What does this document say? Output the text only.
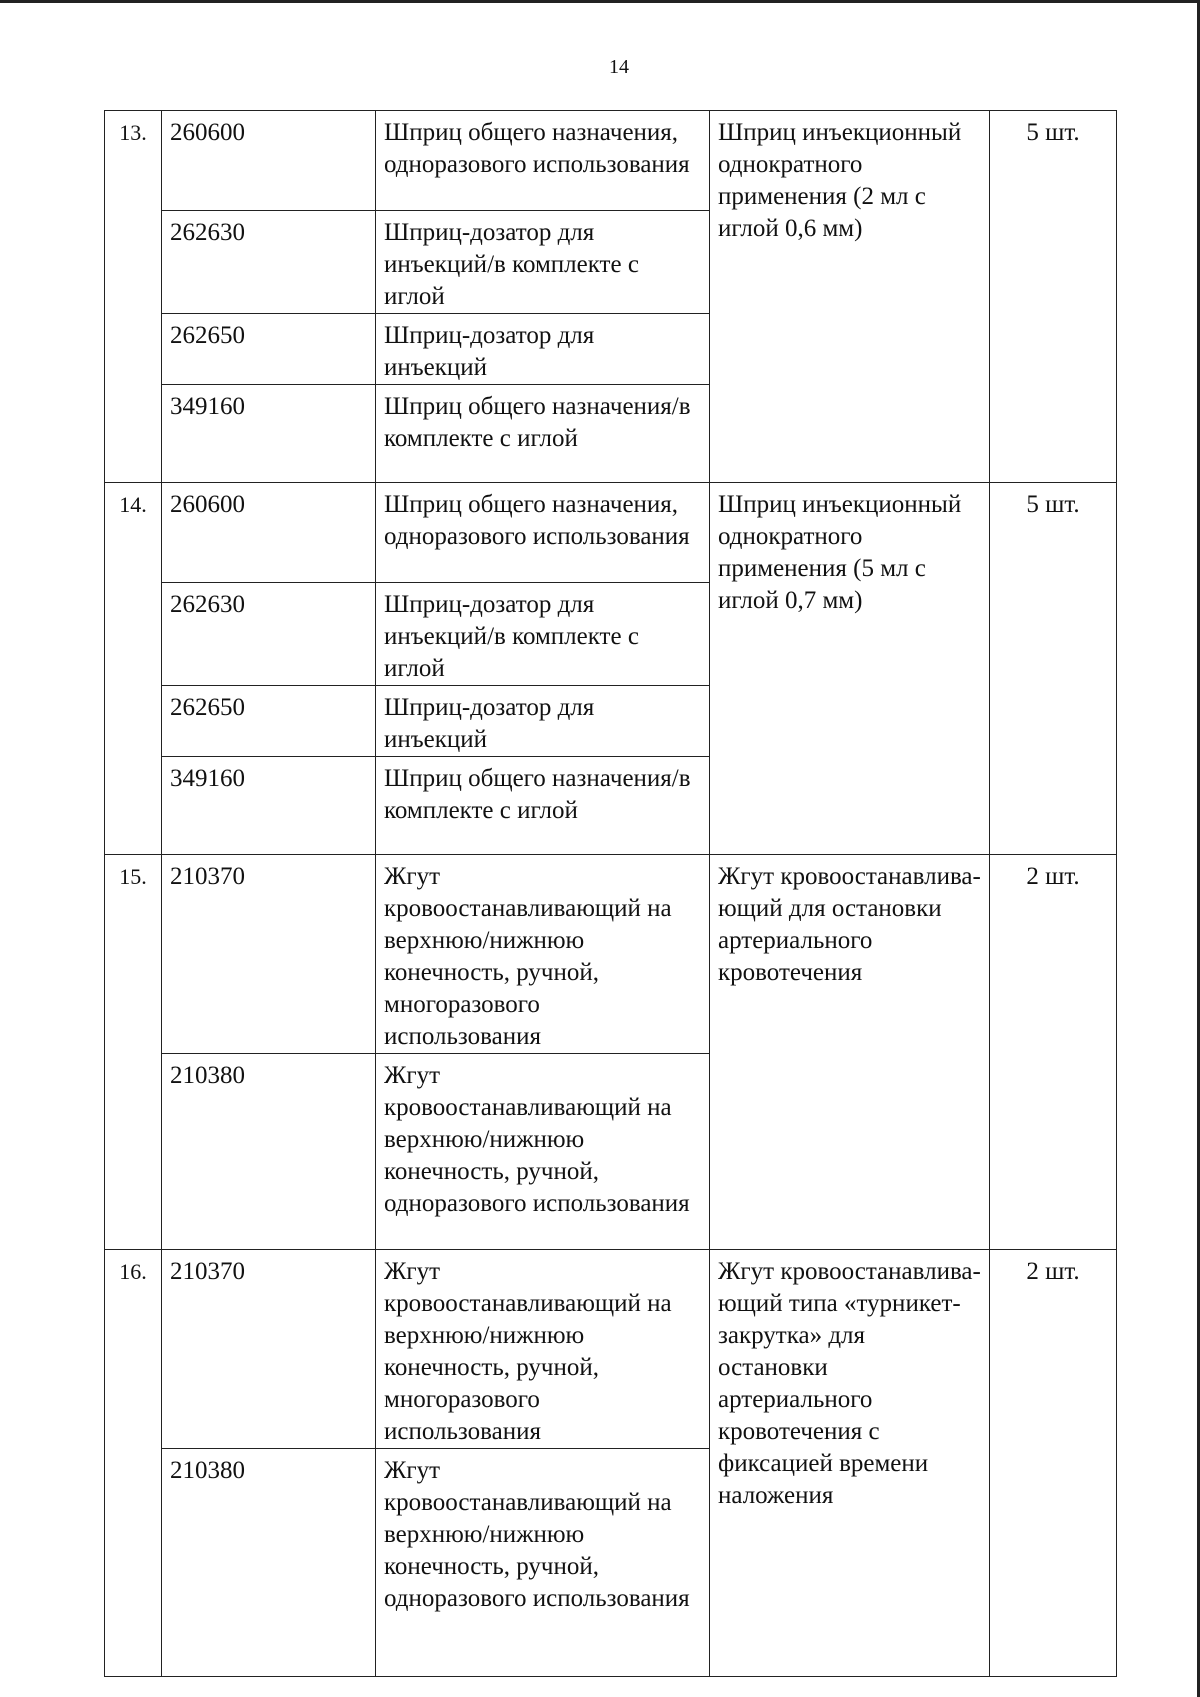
14
13.	260600	Шприц общего назначения, одноразового использования	Шприц инъекционный однократного применения (2 мл с иглой 0,6 мм)	5 шт.
	262630	Шприц-дозатор для инъекций/в комплекте с иглой		
	262650	Шприц-дозатор для инъекций		
	349160	Шприц общего назначения/в комплекте с иглой		
14.	260600	Шприц общего назначения, одноразового использования	Шприц инъекционный однократного применения (5 мл с иглой 0,7 мм)	5 шт.
	262630	Шприц-дозатор для инъекций/в комплекте с иглой		
	262650	Шприц-дозатор для инъекций		
	349160	Шприц общего назначения/в комплекте с иглой		
15.	210370	Жгут кровоостанавливающий на верхнюю/нижнюю конечность, ручной, многоразового использования	Жгут кровоостанавлива-ющий для остановки артериального кровотечения	2 шт.
	210380	Жгут кровоостанавливающий на верхнюю/нижнюю конечность, ручной, одноразового использования		
16.	210370	Жгут кровоостанавливающий на верхнюю/нижнюю конечность, ручной, многоразового использования	Жгут кровоостанавлива-ющий типа «турникет-закрутка» для остановки артериального кровотечения с фиксацией времени наложения	2 шт.
	210380	Жгут кровоостанавливающий на верхнюю/нижнюю конечность, ручной, одноразового использования		
